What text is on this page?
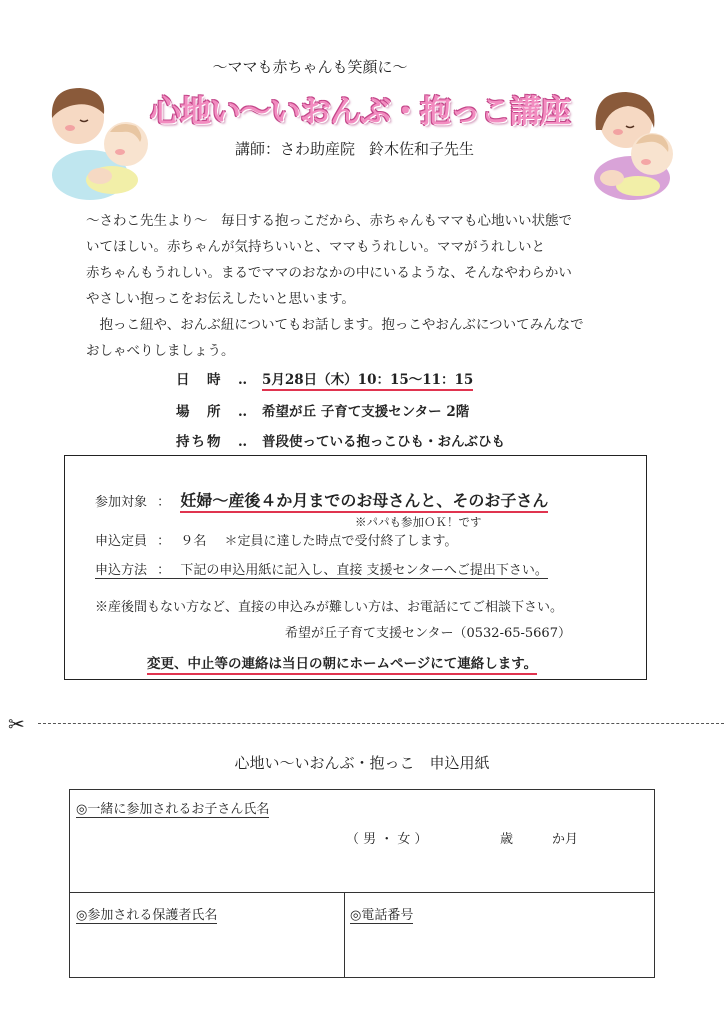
〜ママも赤ちゃんも笑顔に〜
心地い〜いおんぶ・抱っこ講座
講師：さわ助産院 鈴木佐和子先生

〜さわこ先生より〜　毎日する抱っこだから、赤ちゃんもママも心地いい状態で

いてほしい。赤ちゃんが気持ちいいと、ママもうれしい。ママがうれしいと

赤ちゃんもうれしい。まるでママのおなかの中にいるような、そんなやわらかい

やさしい抱っこをお伝えしたいと思います。

　抱っこ紐や、おんぶ紐についてもお話します。抱っこやおんぶについてみんなで

おしゃべりしましょう。

日　時 ‥ 5月28日（木）10：15〜11：15
場　所 ‥ 希望が丘 子育て支援センター 2階
持ち物 ‥ 普段使っている抱っこひも・おんぶひも
参加対象 ： 妊婦〜産後４か月までのお母さんと、そのお子さん
※パパも参加ＯＫ！です
申込定員 ： ９名 ＊定員に達した時点で受付終了します。
申込方法 ： 下記の申込用紙に記入し、直接 支援センターへご提出下さい。
※産後間もない方など、直接の申込みが難しい方は、お電話にてご相談下さい。
希望が丘子育て支援センター（0532-65-5667）
変更、中止等の連絡は当日の朝にホームページにて連絡します。
✂
心地い〜いおんぶ・抱っこ　申込用紙
◎一緒に参加されるお子さん氏名
（ 男 ・ 女 ）	歳	か月
◎参加される保護者氏名	◎電話番号
